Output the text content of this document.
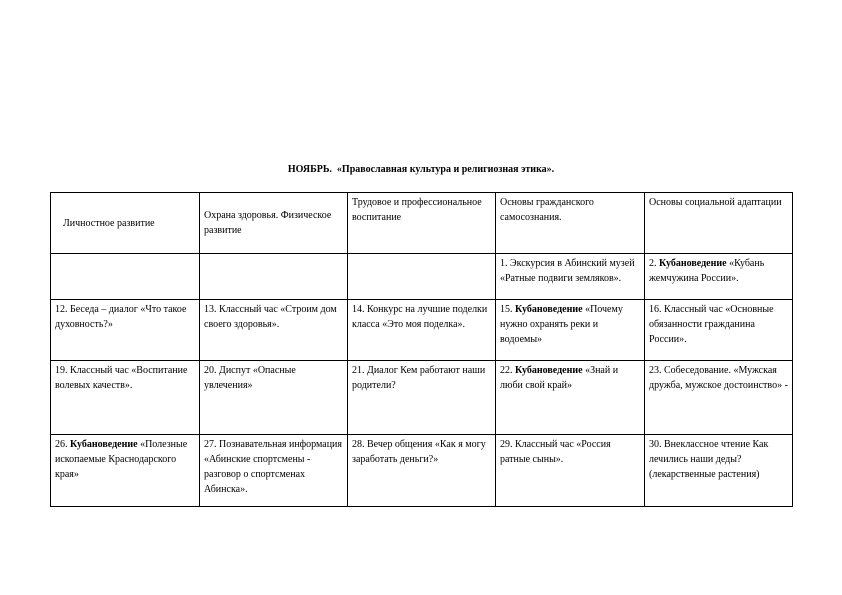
НОЯБРЬ.  «Православная культура и религиозная этика».
Личностное развитие	Охрана здоровья. Физическое развитие	Трудовое и профессиональное воспитание	Основы гражданского самосознания.	Основы социальной адаптации
			1. Экскурсия в Абинский музей «Ратные подвиги земляков».	2. Кубановедение «Кубань жемчужина России».
12. Беседа – диалог «Что такое духовность?»	13. Классный час «Строим дом своего здоровья».	14. Конкурс на лучшие поделки класса «Это моя поделка».	15. Кубановедение «Почему нужно охранять реки и водоемы»	16. Классный час «Основные обязанности гражданина России».
19. Классный час «Воспитание волевых качеств».	20. Диспут «Опасные увлечения»	21. Диалог Кем работают наши родители?	22. Кубановедение «Знай и люби свой край»	23. Собеседование. «Мужская дружба, мужское достоинство» -
26. Кубановедение «Полезные ископаемые Краснодарского края»	27. Познавательная информация «Абинские спортсмены - разговор о спортсменах Абинска».	28. Вечер общения «Как я могу заработать деньги?»	29. Классный час «Россия ратные сыны».	30. Внеклассное чтение Как лечились наши деды? (лекарственные растения)
